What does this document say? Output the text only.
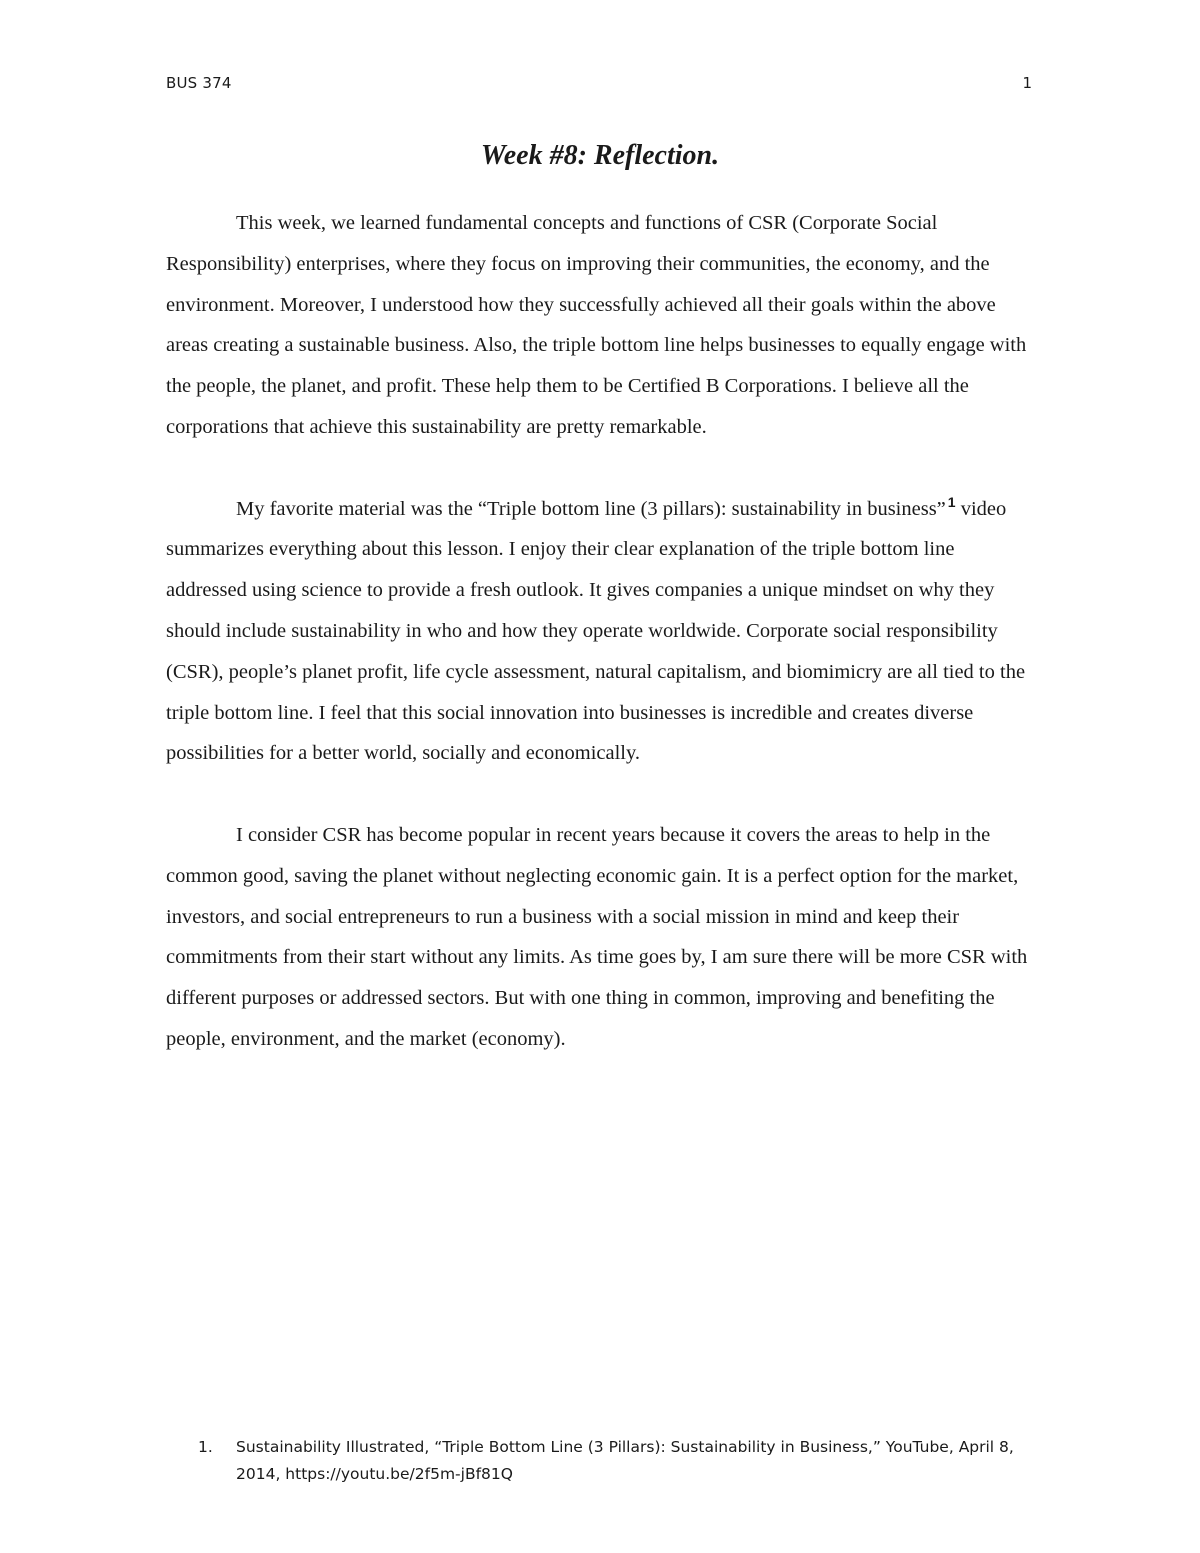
BUS 374	1
Week #8: Reflection.

This week, we learned fundamental concepts and functions of CSR (Corporate Social Responsibility) enterprises, where they focus on improving their communities, the economy, and the environment. Moreover, I understood how they successfully achieved all their goals within the above areas creating a sustainable business. Also, the triple bottom line helps businesses to equally engage with the people, the planet, and profit. These help them to be Certified B Corporations. I believe all the corporations that achieve this sustainability are pretty remarkable.

My favorite material was the “Triple bottom line (3 pillars): sustainability in business” $^1$ video summarizes everything about this lesson. I enjoy their clear explanation of the triple bottom line addressed using science to provide a fresh outlook. It gives companies a unique mindset on why they should include sustainability in who and how they operate worldwide. Corporate social responsibility (CSR), people’s planet profit, life cycle assessment, natural capitalism, and biomimicry are all tied to the triple bottom line. I feel that this social innovation into businesses is incredible and creates diverse possibilities for a better world, socially and economically.

I consider CSR has become popular in recent years because it covers the areas to help in the common good, saving the planet without neglecting economic gain. It is a perfect option for the market, investors, and social entrepreneurs to run a business with a social mission in mind and keep their commitments from their start without any limits. As time goes by, I am sure there will be more CSR with different purposes or addressed sectors. But with one thing in common, improving and benefiting the people, environment, and the market (economy).

1. Sustainability Illustrated, “Triple Bottom Line (3 Pillars): Sustainability in Business,” YouTube, April 8, 2014, https://youtu.be/2f5m-jBf81Q
